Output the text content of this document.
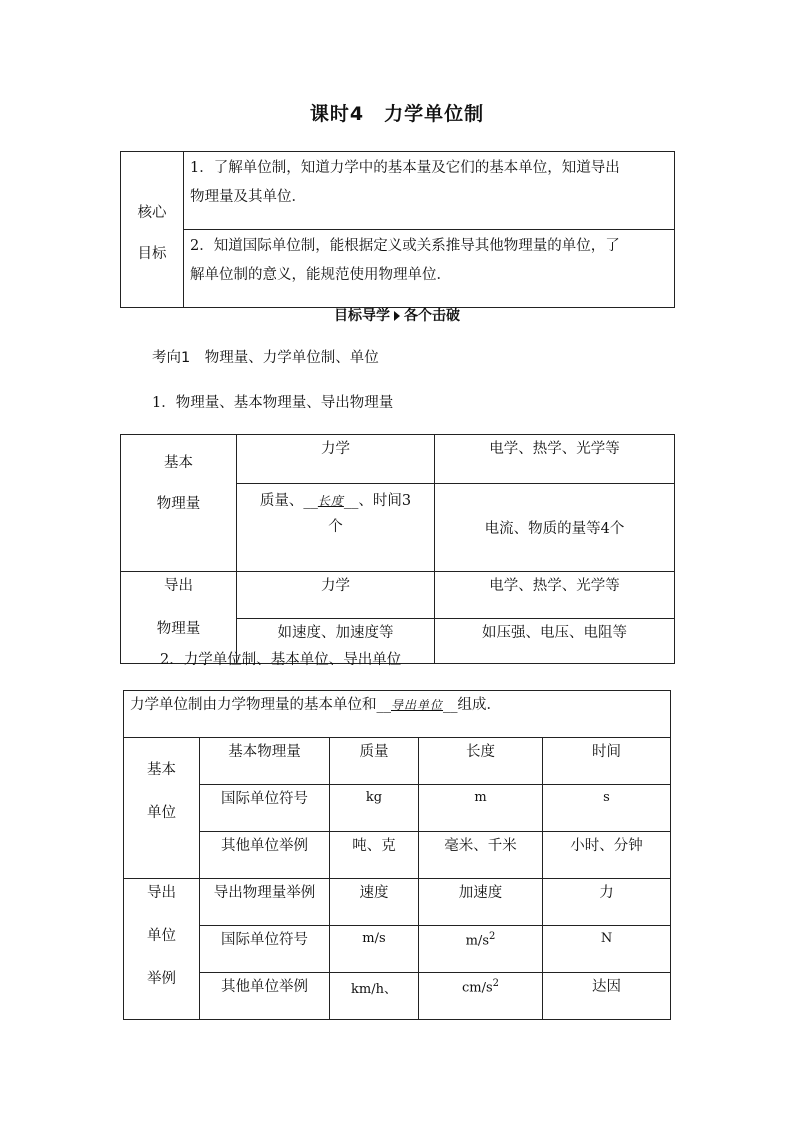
课时4　力学单位制
核心
目标

1．了解单位制，知道力学中的基本量及它们的基本单位，知道导出
物理量及其单位．

2．知道国际单位制，能根据定义或关系推导其他物理量的单位，了
解单位制的意义，能规范使用物理单位．
目标导学 各个击破
考向1　物理量、力学单位制、单位
1．物理量、基本物理量、导出物理量
基本
物理量	力学	电学、热学、光学等

	质量、__长度__、时间3
个	电流、物质的量等4个

导出
物理量	力学	电学、热学、光学等
	如速度、加速度等	如压强、电压、电阻等
2．力学单位制、基本单位、导出单位
力学单位制由力学物理量的基本单位和__导出单位__组成．				

基本
单位	基本物理量	质量	长度	时间
	国际单位符号	kg	m	s
	其他单位举例	吨、克	毫米、千米	小时、分钟

导出
单位
举例	导出物理量举例	速度	加速度	力
	国际单位符号	m/s	$m/s^2$	N
	其他单位举例	km/h、	$cm/s^2$	达因
